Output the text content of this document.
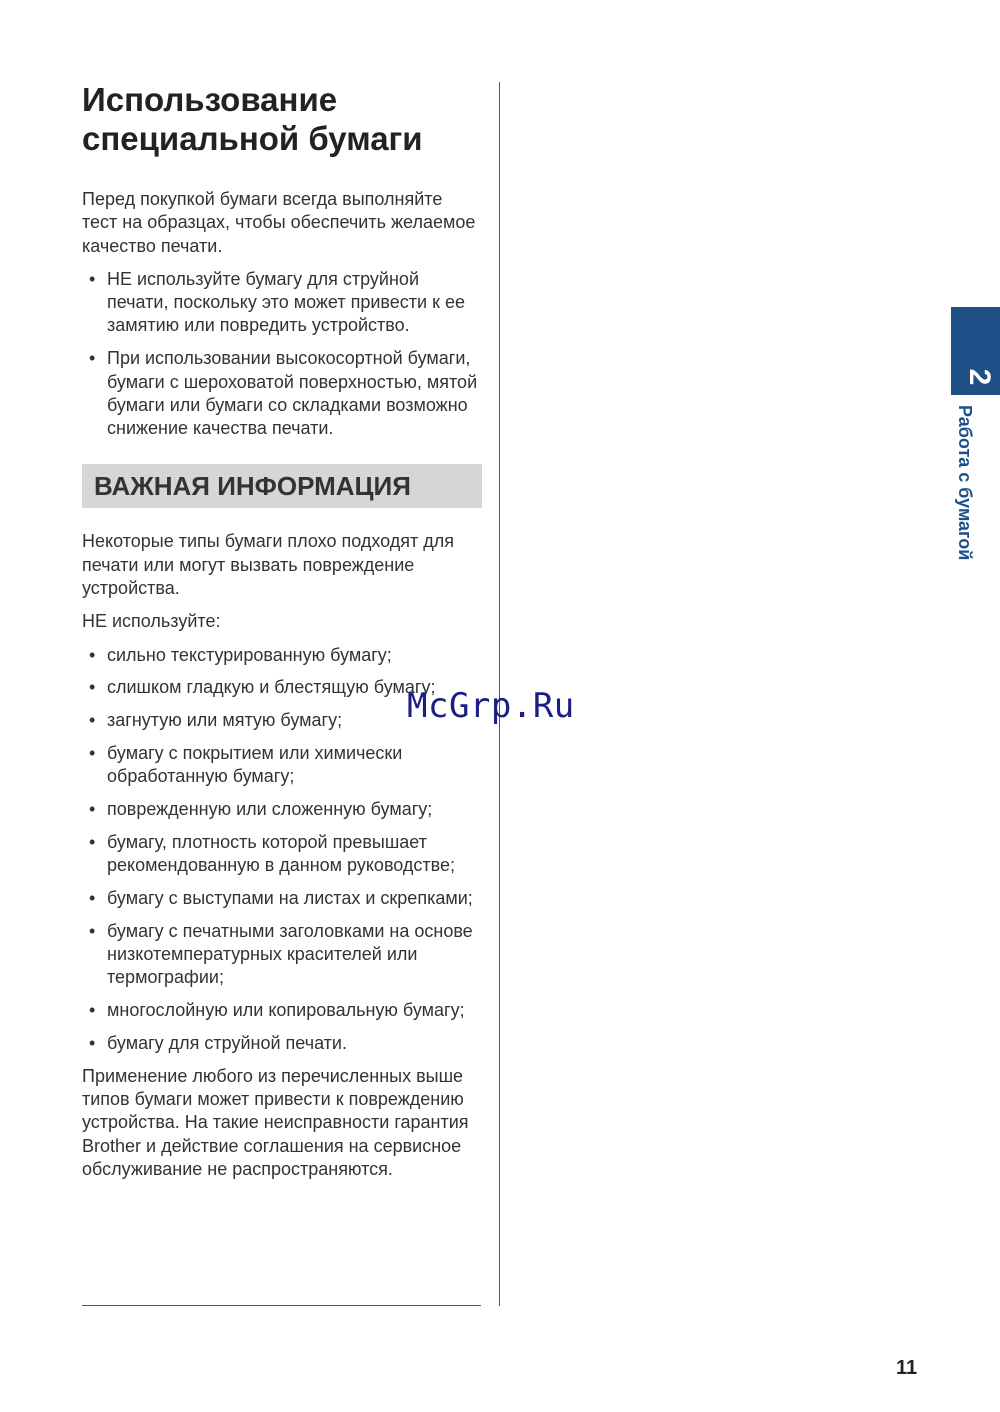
Использование специальной бумаги

Перед покупкой бумаги всегда выполняйте тест на образцах, чтобы обеспечить желаемое качество печати.

• НЕ используйте бумагу для струйной печати, поскольку это может привести к ее замятию или повредить устройство.
• При использовании высокосортной бумаги, бумаги с шероховатой поверхностью, мятой бумаги или бумаги со складками возможно снижение качества печати.
ВАЖНАЯ ИНФОРМАЦИЯ

Некоторые типы бумаги плохо подходят для печати или могут вызвать повреждение устройства.

НЕ используйте:

• сильно текстурированную бумагу;
• слишком гладкую и блестящую бумагу;
• загнутую или мятую бумагу;
• бумагу с покрытием или химически обработанную бумагу;
• поврежденную или сложенную бумагу;
• бумагу, плотность которой превышает рекомендованную в данном руководстве;
• бумагу с выступами на листах и скрепками;
• бумагу с печатными заголовками на основе низкотемпературных красителей или термографии;
• многослойную или копировальную бумагу;
• бумагу для струйной печати.

Применение любого из перечисленных выше типов бумаги может привести к повреждению устройства. На такие неисправности гарантия Brother и действие соглашения на сервисное обслуживание не распространяются.

2
Работа с бумагой
McGrp.Ru
11
